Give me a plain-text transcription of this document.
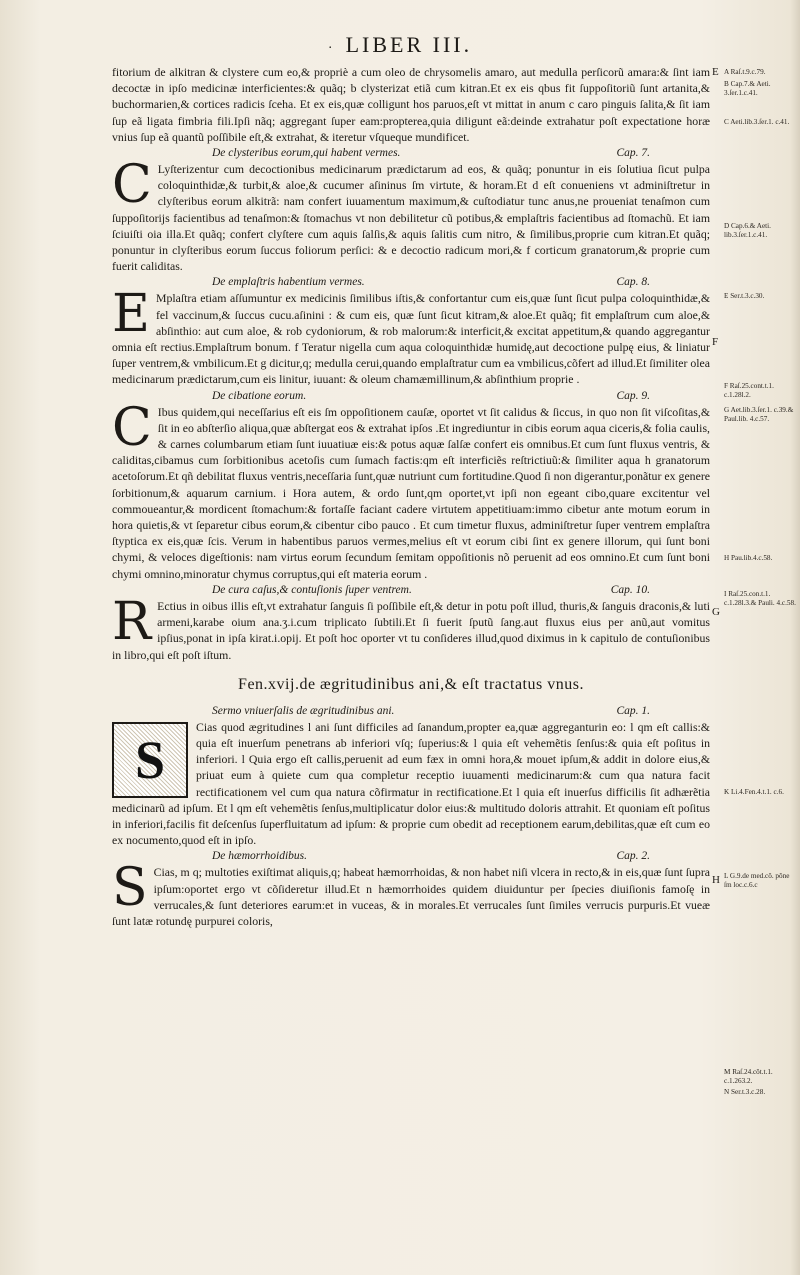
· LIBER III.

fitorium de alkitran & clystere cum eo,& propriè a cum oleo de chrysomelis amaro, aut medulla perſicorũ amara:& ſint iam decoctæ in ipſo medicinæ interficientes:& quãq; b clysterizat etiã cum kitran.Et ex eis qbus fit ſuppoſitoriũ ſunt artanita,& buchormarien,& cortices radicis ſceha. Et ex eis,quæ colligunt hos paruos,eſt vt mittat in anum c caro pinguis ſalita,& ſit iam ſup eã ligata fimbria fili.Ipſi nãq; aggregant ſuper eam:propterea,quia diligunt eã:deinde extrahatur poſt expectatione horæ vnius ſup eã quantũ poſſibile eſt,& extrahat, & iteretur vſqueque mundificet.

De clysteribus eorum,qui habent vermes.	Cap. 7.

C Lyſterizentur cum decoctionibus medicinarum prædictarum ad eos, & quãq; ponuntur in eis ſolutiua ſicut pulpa coloquinthidæ,& turbit,& aloe,& cucumer aſininus ſm virtute, & horam.Et d eſt conueniens vt adminiſtretur in clyſteribus eorum alkitrã: nam confert iuuamentum maximum,& cuſtodiatur tunc anus,ne proueniat tenaſmon cum ſuppoſitorijs facientibus ad tenaſmon:& ſtomachus vt non debilitetur cũ potibus,& emplaſtris facientibus ad ſtomachũ. Et iam ſciuiſti oia illa.Et quãq; confert clyſtere cum aquis ſalſis,& aquis ſalitis cum nitro, & ſimilibus,proprie cum kitran.Et quãq; ponuntur in clyſteribus eorum ſuccus foliorum perſici: & e decoctio radicum mori,& f corticum granatorum,& proprie cum fuerit caliditas.

De emplaſtris habentium vermes.	Cap. 8.

E Mplaſtra etiam aſſumuntur ex medicinis ſimilibus iſtis,& confortantur cum eis,quæ ſunt ſicut pulpa coloquinthidæ,& fel vaccinum,& ſuccus cucu.aſinini : & cum eis, quæ ſunt ſicut kitram,& aloe.Et quãq; fit emplaſtrum cum aloe,& abſinthio: aut cum aloe, & rob cydoniorum, & rob malorum:& interficit,& excitat appetitum,& quando aggregantur omnia eſt rectius.Emplaſtrum bonum. f Teratur nigella cum aqua coloquinthidæ humidę,aut decoctione pulpę eius, & liniatur ſuper ventrem,& vmbilicum.Et g dicitur,q; medulla cerui,quando emplaſtratur cum ea vmbilicus,cõfert ad illud.Et ſimiliter olea medicinarum prædictarum,cum eis linitur, iuuant: & oleum chamæmillinum,& abſinthium proprie .

De cibatione eorum.	Cap. 9.

C Ibus quidem,qui neceſſarius eſt eis ſm oppoſitionem cauſæ, oportet vt ſit calidus & ſiccus, in quo non ſit viſcoſitas,& ſit in eo abſterſio aliqua,quæ abſtergat eos & extrahat ipſos .Et ingrediuntur in cibis eorum aqua ciceris,& folia caulis, & carnes columbarum etiam ſunt iuuatiuæ eis:& potus aquæ ſalſæ confert eis omnibus.Et cum ſunt fluxus ventris, & caliditas,cibamus cum ſorbitionibus acetoſis cum ſumach factis:qm eſt interficiẽs reſtrictiuũ:& ſimiliter aqua h granatorum acetoſorum.Et qñ debilitat fluxus ventris,neceſſaria ſunt,quæ nutriunt cum fortitudine.Quod ſi non digerantur,ponãtur ex genere ſorbitionum,& aquarum carnium. i Hora autem, & ordo ſunt,qm oportet,vt ipſi non egeant cibo,quare excitentur vel commoueantur,& mordicent ſtomachum:& fortaſſe faciant cadere virtutem appetitiuam:immo cibetur ante motum eorum in hora quietis,& vt ſeparetur cibus eorum,& cibentur cibo pauco . Et cum timetur fluxus, adminiſtretur ſuper ventrem emplaſtra ſtyptica ex eis,quæ ſcis. Verum in habentibus paruos vermes,melius eſt vt eorum cibi ſint ex genere illorum, qui ſunt boni chymi, & veloces digeſtionis: nam virtus eorum ſecundum ſemitam oppoſitionis nõ peruenit ad eos omnino.Et cum ſunt boni chymi omnino,minoratur chymus corruptus,qui eſt materia eorum .

De cura caſus,& contuſionis ſuper ventrem.	Cap. 10.

R Ectius in oibus illis eſt,vt extrahatur ſanguis ſi poſſibile eſt,& detur in potu poſt illud, thuris,& ſanguis draconis,& luti armeni,karabe oium ana.ʒ.i.cum triplicato ſubtili.Et ſi fuerit ſputũ ſang.aut fluxus eius per anũ,aut vomitus ipſius,ponat in ipſa kirat.i.opij. Et poſt hoc oporter vt tu conſideres illud,quod diximus in k capitulo de contuſionibus in libro,qui eſt poſt iſtum.

Fen.xvij.de ægritudinibus ani,& eſt tractatus vnus.
Sermo vniuerſalis de ægritudinibus ani.	Cap. 1.

S
Cias quod ægritudines l ani ſunt difficiles ad ſanandum,propter ea,quæ aggreganturin eo: l qm eſt callis:& quia eſt inuerſum penetrans ab inferiori vſq; ſuperius:& l quia eſt vehemẽtis ſenſus:& quia eſt poſitus in inferiori. l Quia ergo eſt callis,peruenit ad eum fæx in omni hora,& mouet ipſum,& addit in dolore eius,& priuat eum à quiete cum qua completur receptio iuuamenti medicinarum:& cum qua natura facit rectificationem vel cum qua natura cõfirmatur in rectificatione.Et l quia eſt inuerſus difficilis ſit adhærẽtia medicinarũ ad ipſum. Et l qm eſt vehemẽtis ſenſus,multiplicatur dolor eius:& multitudo doloris attrahit. Et quoniam eſt poſitus in inferiori,facilis fit deſcenſus ſuperfluitatum ad ipſum: & proprie cum obedit ad receptionem earum,debilitas,quæ eſt cum eo ex nocumento,quod eſt in ipſo.

De hæmorrhoidibus.	Cap. 2.

S Cias, m q; multoties exiſtimat aliquis,q; habeat hæmorrhoidas, & non habet niſi vlcera in recto,& in eis,quæ ſunt ſupra ipſum:oportet ergo vt cõſideretur illud.Et n hæmorrhoides quidem diuiduntur per ſpecies diuiſionis famoſę in verrucales,& ſunt deteriores earum:et in vuceas, & in morales.Et verrucales ſunt ſimiles verrucis purpuris.Et vueæ ſunt latæ rotundę purpurei coloris,

E
F
G
H
A Raſ.t.9.c.79.
B Cap.7.& Aeti. 3.ſer.1.c.41.
C Aeti.lib.3.ſer.1. c.41.
D Cap.6.& Aeti. lib.3.ſer.1.c.41.
E Ser.t.3.c.30.
F Raſ.25.cont.t.1. c.1.28l.2.
G Aet.lib.3.ſer.1. c.39.& Paul.lib. 4.c.57.
H Pau.lib.4.c.58.
I Raſ.25.con.t.1. c.1.28l.3.& Pauli. 4.c.58.
K Li.4.Fen.4.t.1. c.6.
L G.9.de med.cõ. põne ſm loc.c.6.c
M Raſ.24.cõt.t.1. c.1.263.2.
N Ser.t.3.c.28.
